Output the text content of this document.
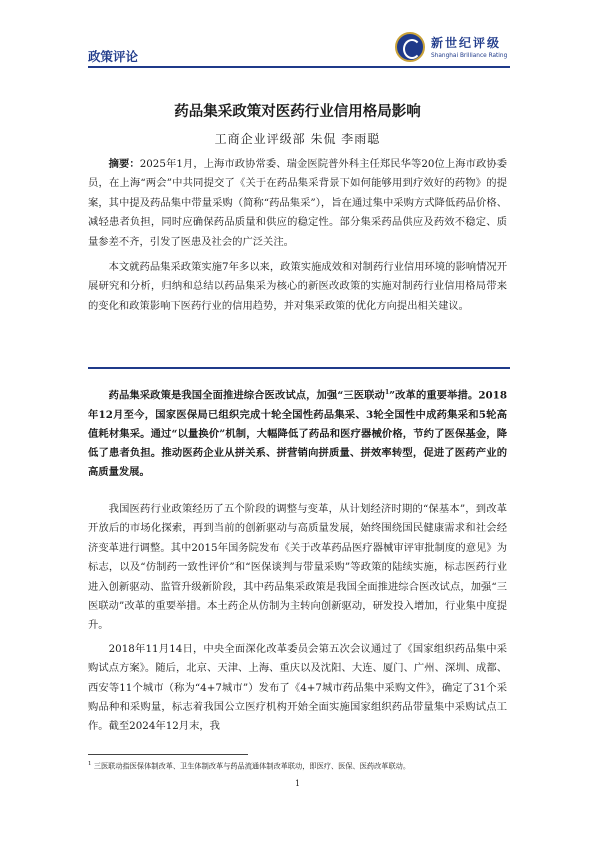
政策评论
新世纪评级
Shanghai Brilliance Rating
药品集采政策对医药行业信用格局影响
工商企业评级部 朱侃 李雨聪

摘要：2025年1月，上海市政协常委、瑞金医院普外科主任郑民华等20位上海市政协委员，在上海“两会”中共同提交了《关于在药品集采背景下如何能够用到疗效好的药物》的提案，其中提及药品集中带量采购（简称“药品集采”），旨在通过集中采购方式降低药品价格、减轻患者负担，同时应确保药品质量和供应的稳定性。部分集采药品供应及药效不稳定、质量参差不齐，引发了医患及社会的广泛关注。

本文就药品集采政策实施7年多以来，政策实施成效和对制药行业信用环境的影响情况开展研究和分析，归纳和总结以药品集采为核心的新医改政策的实施对制药行业信用格局带来的变化和政策影响下医药行业的信用趋势，并对集采政策的优化方向提出相关建议。

药品集采政策是我国全面推进综合医改试点，加强“三医联动$^1$”改革的重要举措。2018年12月至今，国家医保局已组织完成十轮全国性药品集采、3轮全国性中成药集采和5轮高值耗材集采。通过“以量换价”机制，大幅降低了药品和医疗器械价格，节约了医保基金，降低了患者负担。推动医药企业从拼关系、拼营销向拼质量、拼效率转型，促进了医药产业的高质量发展。

我国医药行业政策经历了五个阶段的调整与变革，从计划经济时期的“保基本”，到改革开放后的市场化探索，再到当前的创新驱动与高质量发展，始终围绕国民健康需求和社会经济变革进行调整。其中2015年国务院发布《关于改革药品医疗器械审评审批制度的意见》为标志，以及“仿制药一致性评价”和“医保谈判与带量采购”等政策的陆续实施，标志医药行业进入创新驱动、监管升级新阶段，其中药品集采政策是我国全面推进综合医改试点，加强“三医联动”改革的重要举措。本土药企从仿制为主转向创新驱动，研发投入增加，行业集中度提升。

2018年11月14日，中央全面深化改革委员会第五次会议通过了《国家组织药品集中采购试点方案》。随后，北京、天津、上海、重庆以及沈阳、大连、厦门、广州、深圳、成都、西安等11个城市（称为“4+7城市”）发布了《4+7城市药品集中采购文件》，确定了31个采购品种和采购量，标志着我国公立医疗机构开始全面实施国家组织药品带量集中采购试点工作。截至2024年12月末，我

$^1$ 三医联动指医保体制改革、卫生体制改革与药品流通体制改革联动，即医疗、医保、医药改革联动。
1
